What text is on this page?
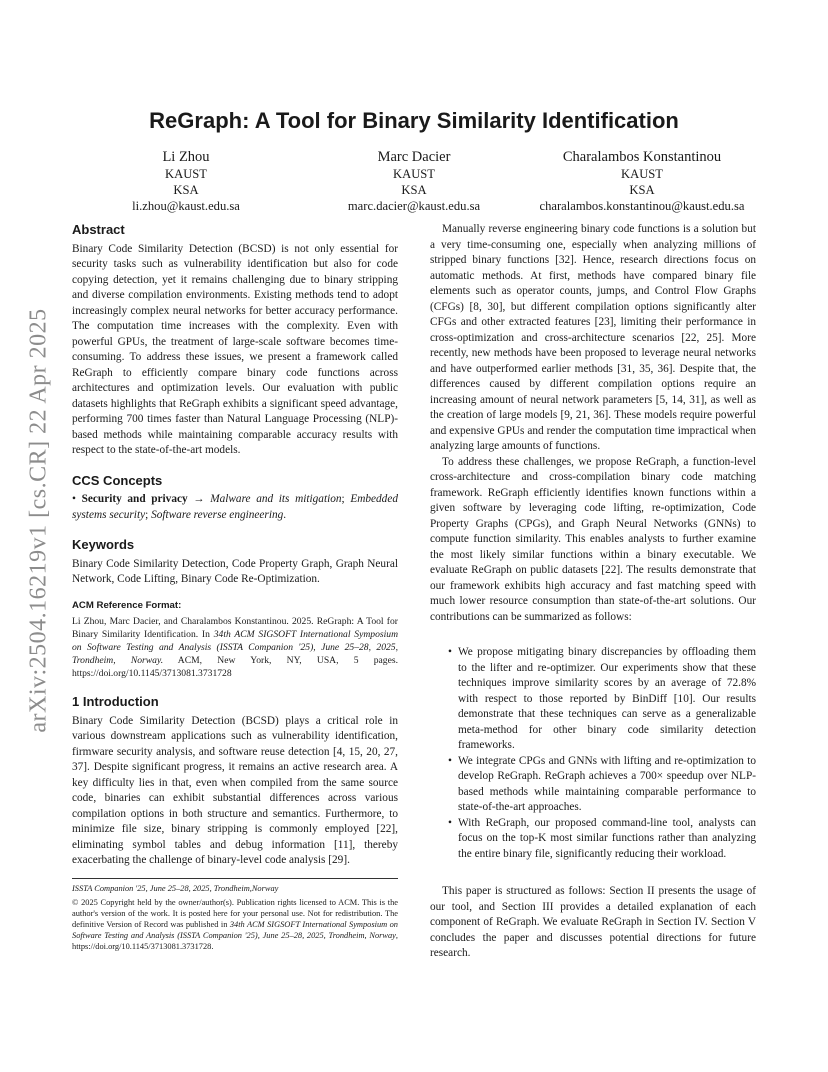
arXiv:2504.16219v1 [cs.CR] 22 Apr 2025
ReGraph: A Tool for Binary Similarity Identification
Li Zhou
KAUST
KSA
li.zhou@kaust.edu.sa
Marc Dacier
KAUST
KSA
marc.dacier@kaust.edu.sa
Charalambos Konstantinou
KAUST
KSA
charalambos.konstantinou@kaust.edu.sa
Abstract

Binary Code Similarity Detection (BCSD) is not only essential for security tasks such as vulnerability identification but also for code copying detection, yet it remains challenging due to binary stripping and diverse compilation environments. Existing methods tend to adopt increasingly complex neural networks for better accuracy performance. The computation time increases with the complexity. Even with powerful GPUs, the treatment of large-scale software becomes time-consuming. To address these issues, we present a framework called ReGraph to efficiently compare binary code functions across architectures and optimization levels. Our evaluation with public datasets highlights that ReGraph exhibits a significant speed advantage, performing 700 times faster than Natural Language Processing (NLP)-based methods while maintaining comparable accuracy results with respect to the state-of-the-art models.

CCS Concepts

• Security and privacy → Malware and its mitigation; Embedded systems security; Software reverse engineering.

Keywords

Binary Code Similarity Detection, Code Property Graph, Graph Neural Network, Code Lifting, Binary Code Re-Optimization.

ACM Reference Format:
Li Zhou, Marc Dacier, and Charalambos Konstantinou. 2025. ReGraph: A Tool for Binary Similarity Identification. In 34th ACM SIGSOFT International Symposium on Software Testing and Analysis (ISSTA Companion '25), June 25–28, 2025, Trondheim, Norway. ACM, New York, NY, USA, 5 pages. https://doi.org/10.1145/3713081.3731728
1 Introduction

Binary Code Similarity Detection (BCSD) plays a critical role in various downstream applications such as vulnerability identification, firmware security analysis, and software reuse detection [4, 15, 20, 27, 37]. Despite significant progress, it remains an active research area. A key difficulty lies in that, even when compiled from the same source code, binaries can exhibit substantial differences across various compilation options in both structure and semantics. Furthermore, to minimize file size, binary stripping is commonly employed [22], eliminating symbol tables and debug information [11], thereby exacerbating the challenge of binary-level code analysis [29].

ISSTA Companion '25, June 25–28, 2025, Trondheim,Norway

© 2025 Copyright held by the owner/author(s). Publication rights licensed to ACM. This is the author's version of the work. It is posted here for your personal use. Not for redistribution. The definitive Version of Record was published in 34th ACM SIGSOFT International Symposium on Software Testing and Analysis (ISSTA Companion '25), June 25–28, 2025, Trondheim, Norway, https://doi.org/10.1145/3713081.3731728.

Manually reverse engineering binary code functions is a solution but a very time-consuming one, especially when analyzing millions of stripped binary functions [32]. Hence, research directions focus on automatic methods. At first, methods have compared binary file elements such as operator counts, jumps, and Control Flow Graphs (CFGs) [8, 30], but different compilation options significantly alter CFGs and other extracted features [23], limiting their performance in cross-optimization and cross-architecture scenarios [22, 25]. More recently, new methods have been proposed to leverage neural networks and have outperformed earlier methods [31, 35, 36]. Despite that, the differences caused by different compilation options require an increasing amount of neural network parameters [5, 14, 31], as well as the creation of large models [9, 21, 36]. These models require powerful and expensive GPUs and render the computation time impractical when analyzing large amounts of functions.

To address these challenges, we propose ReGraph, a function-level cross-architecture and cross-compilation binary code matching framework. ReGraph efficiently identifies known functions within a given software by leveraging code lifting, re-optimization, Code Property Graphs (CPGs), and Graph Neural Networks (GNNs) to compute function similarity. This enables analysts to further examine the most likely similar functions within a binary executable. We evaluate ReGraph on public datasets [22]. The results demonstrate that our framework exhibits high accuracy and fast matching speed with much lower resource consumption than state-of-the-art solutions. Our contributions can be summarized as follows:

• We propose mitigating binary discrepancies by offloading them to the lifter and re-optimizer. Our experiments show that these techniques improve similarity scores by an average of 72.8% with respect to those reported by BinDiff [10]. Our results demonstrate that these techniques can serve as a generalizable meta-method for other binary code similarity detection frameworks.
• We integrate CPGs and GNNs with lifting and re-optimization to develop ReGraph. ReGraph achieves a 700× speedup over NLP-based methods while maintaining comparable performance to state-of-the-art approaches.
• With ReGraph, our proposed command-line tool, analysts can focus on the top-K most similar functions rather than analyzing the entire binary file, significantly reducing their workload.

This paper is structured as follows: Section II presents the usage of our tool, and Section III provides a detailed explanation of each component of ReGraph. We evaluate ReGraph in Section IV. Section V concludes the paper and discusses potential directions for future research.
